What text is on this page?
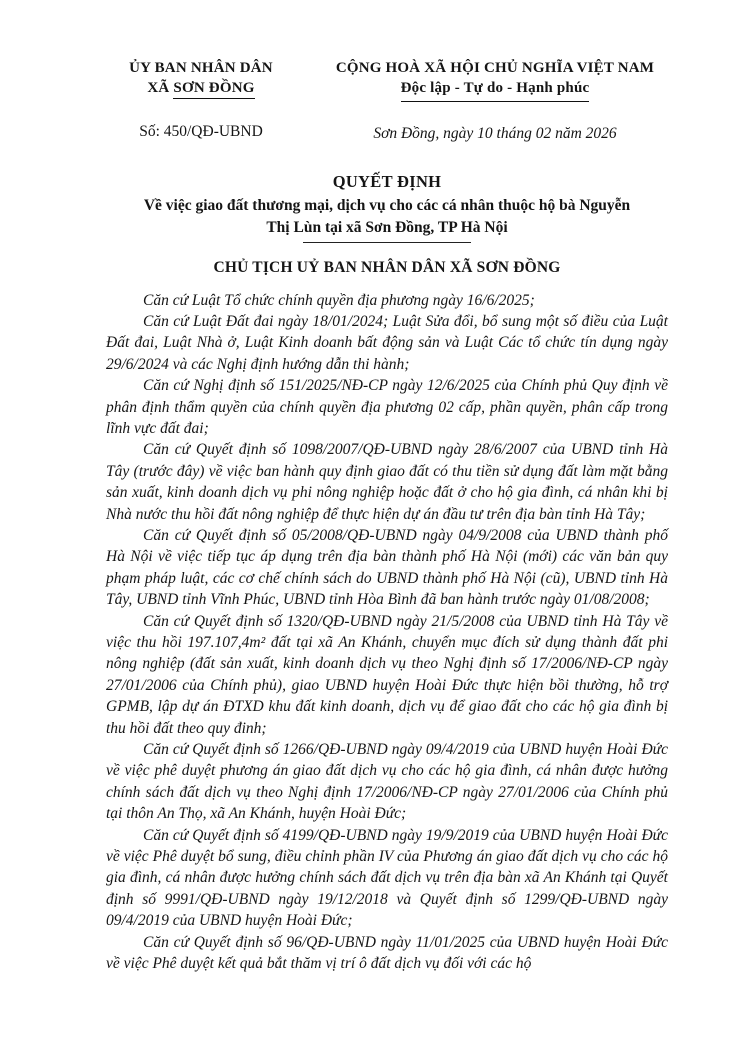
ỦY BAN NHÂN DÂN
XÃ SƠN ĐỒNG
Số: 450/QĐ-UBND
CỘNG HOÀ XÃ HỘI CHỦ NGHĨA VIỆT NAM
Độc lập - Tự do - Hạnh phúc
Sơn Đồng, ngày 10 tháng 02 năm 2026
QUYẾT ĐỊNH
Về việc giao đất thương mại, dịch vụ cho các cá nhân thuộc hộ bà Nguyễn
Thị Lùn tại xã Sơn Đồng, TP Hà Nội
CHỦ TỊCH UỶ BAN NHÂN DÂN XÃ SƠN ĐỒNG

Căn cứ Luật Tổ chức chính quyền địa phương ngày 16/6/2025;

Căn cứ Luật Đất đai ngày 18/01/2024; Luật Sửa đổi, bổ sung một số điều của Luật Đất đai, Luật Nhà ở, Luật Kinh doanh bất động sản và Luật Các tổ chức tín dụng ngày 29/6/2024 và các Nghị định hướng dẫn thi hành;

Căn cứ Nghị định số 151/2025/NĐ-CP ngày 12/6/2025 của Chính phủ Quy định về phân định thẩm quyền của chính quyền địa phương 02 cấp, phần quyền, phân cấp trong lĩnh vực đất đai;

Căn cứ Quyết định số 1098/2007/QĐ-UBND ngày 28/6/2007 của UBND tỉnh Hà Tây (trước đây) về việc ban hành quy định giao đất có thu tiền sử dụng đất làm mặt bằng sản xuất, kinh doanh dịch vụ phi nông nghiệp hoặc đất ở cho hộ gia đình, cá nhân khi bị Nhà nước thu hồi đất nông nghiệp để thực hiện dự án đầu tư trên địa bàn tỉnh Hà Tây;

Căn cứ Quyết định số 05/2008/QĐ-UBND ngày 04/9/2008 của UBND thành phố Hà Nội về việc tiếp tục áp dụng trên địa bàn thành phố Hà Nội (mới) các văn bản quy phạm pháp luật, các cơ chế chính sách do UBND thành phố Hà Nội (cũ), UBND tỉnh Hà Tây, UBND tỉnh Vĩnh Phúc, UBND tỉnh Hòa Bình đã ban hành trước ngày 01/08/2008;

Căn cứ Quyết định số 1320/QĐ-UBND ngày 21/5/2008 của UBND tỉnh Hà Tây về việc thu hồi 197.107,4m² đất tại xã An Khánh, chuyển mục đích sử dụng thành đất phi nông nghiệp (đất sản xuất, kinh doanh dịch vụ theo Nghị định số 17/2006/NĐ-CP ngày 27/01/2006 của Chính phủ), giao UBND huyện Hoài Đức thực hiện bồi thường, hỗ trợ GPMB, lập dự án ĐTXD khu đất kinh doanh, dịch vụ để giao đất cho các hộ gia đình bị thu hồi đất theo quy đinh;

Căn cứ Quyết định số 1266/QĐ-UBND ngày 09/4/2019 của UBND huyện Hoài Đức về việc phê duyệt phương án giao đất dịch vụ cho các hộ gia đình, cá nhân được hưởng chính sách đất dịch vụ theo Nghị định 17/2006/NĐ-CP ngày 27/01/2006 của Chính phủ tại thôn An Thọ, xã An Khánh, huyện Hoài Đức;

Căn cứ Quyết định số 4199/QĐ-UBND ngày 19/9/2019 của UBND huyện Hoài Đức về việc Phê duyệt bổ sung, điều chỉnh phần IV của Phương án giao đất dịch vụ cho các hộ gia đình, cá nhân được hưởng chính sách đất dịch vụ trên địa bàn xã An Khánh tại Quyết định số 9991/QĐ-UBND ngày 19/12/2018 và Quyết định số 1299/QĐ-UBND ngày 09/4/2019 của UBND huyện Hoài Đức;

Căn cứ Quyết định số 96/QĐ-UBND ngày 11/01/2025 của UBND huyện Hoài Đức về việc Phê duyệt kết quả bắt thăm vị trí ô đất dịch vụ đối với các hộ
